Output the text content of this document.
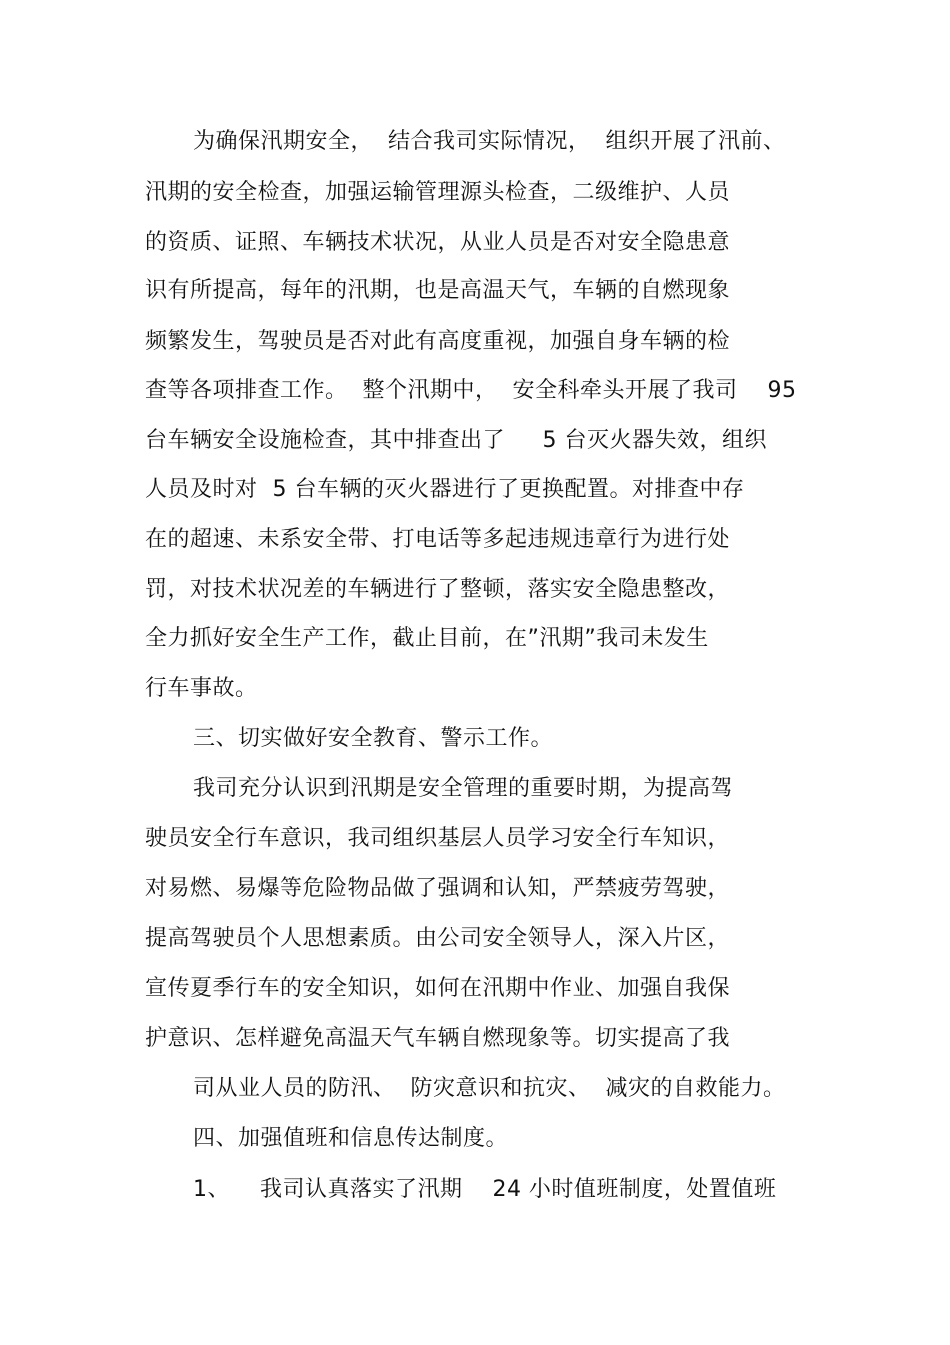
为确保汛期安全，  结合我司实际情况，  组织开展了汛前、
汛期的安全检查，加强运输管理源头检查，二级维护、人员
的资质、证照、车辆技术状况，从业人员是否对安全隐患意
识有所提高，每年的汛期，也是高温天气，车辆的自燃现象
频繁发生，驾驶员是否对此有高度重视，加强自身车辆的检
查等各项排查工作。  整个汛期中，  安全科牵头开展了我司    95
台车辆安全设施检查，其中排查出了     5 台灭火器失效，组织
人员及时对  5 台车辆的灭火器进行了更换配置。对排查中存
在的超速、未系安全带、打电话等多起违规违章行为进行处
罚，对技术状况差的车辆进行了整顿，落实安全隐患整改，
全力抓好安全生产工作，截止目前，在”汛期”我司未发生
行车事故。
三、切实做好安全教育、警示工作。
我司充分认识到汛期是安全管理的重要时期，为提高驾
驶员安全行车意识，我司组织基层人员学习安全行车知识，
对易燃、易爆等危险物品做了强调和认知，严禁疲劳驾驶，
提高驾驶员个人思想素质。由公司安全领导人，深入片区，
宣传夏季行车的安全知识，如何在汛期中作业、加强自我保
护意识、怎样避免高温天气车辆自燃现象等。切实提高了我
司从业人员的防汛、  防灾意识和抗灾、  减灾的自救能力。
四、加强值班和信息传达制度。
1、    我司认真落实了汛期    24 小时值班制度，处置值班
